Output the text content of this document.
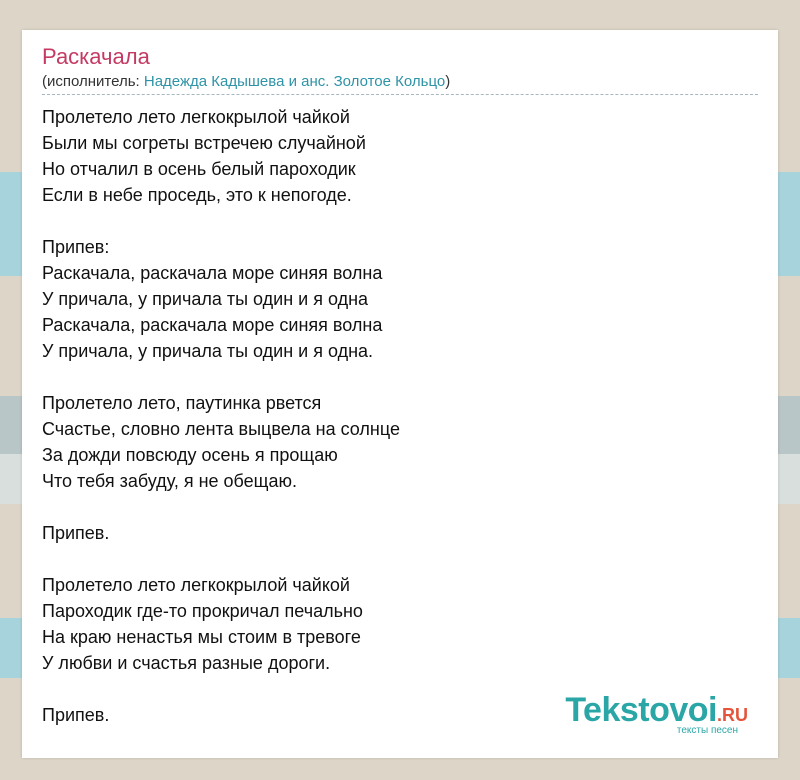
Раскачала
(исполнитель: Надежда Кадышева и анс. Золотое Кольцо)
Пролетело лето легкокрылой чайкой
Были мы согреты встречею случайной
Но отчалил в осень белый пароходик
Если в небе проседь, это к непогоде.
Припев:
Раскачала, раскачала море синяя волна
У причала, у причала ты один и я одна
Раскачала, раскачала море синяя волна
У причала, у причала ты один и я одна.
Пролетело лето, паутинка рвется
Счастье, словно лента выцвела на солнце
За дожди повсюду осень я прощаю
Что тебя забуду, я не обещаю.
Припев.
Пролетело лето легкокрылой чайкой
Пароходик где-то прокричал печально
На краю ненастья мы стоим в тревоге
У любви и счастья разные дороги.
Припев.	Tekstovoi.RU
тексты песен
